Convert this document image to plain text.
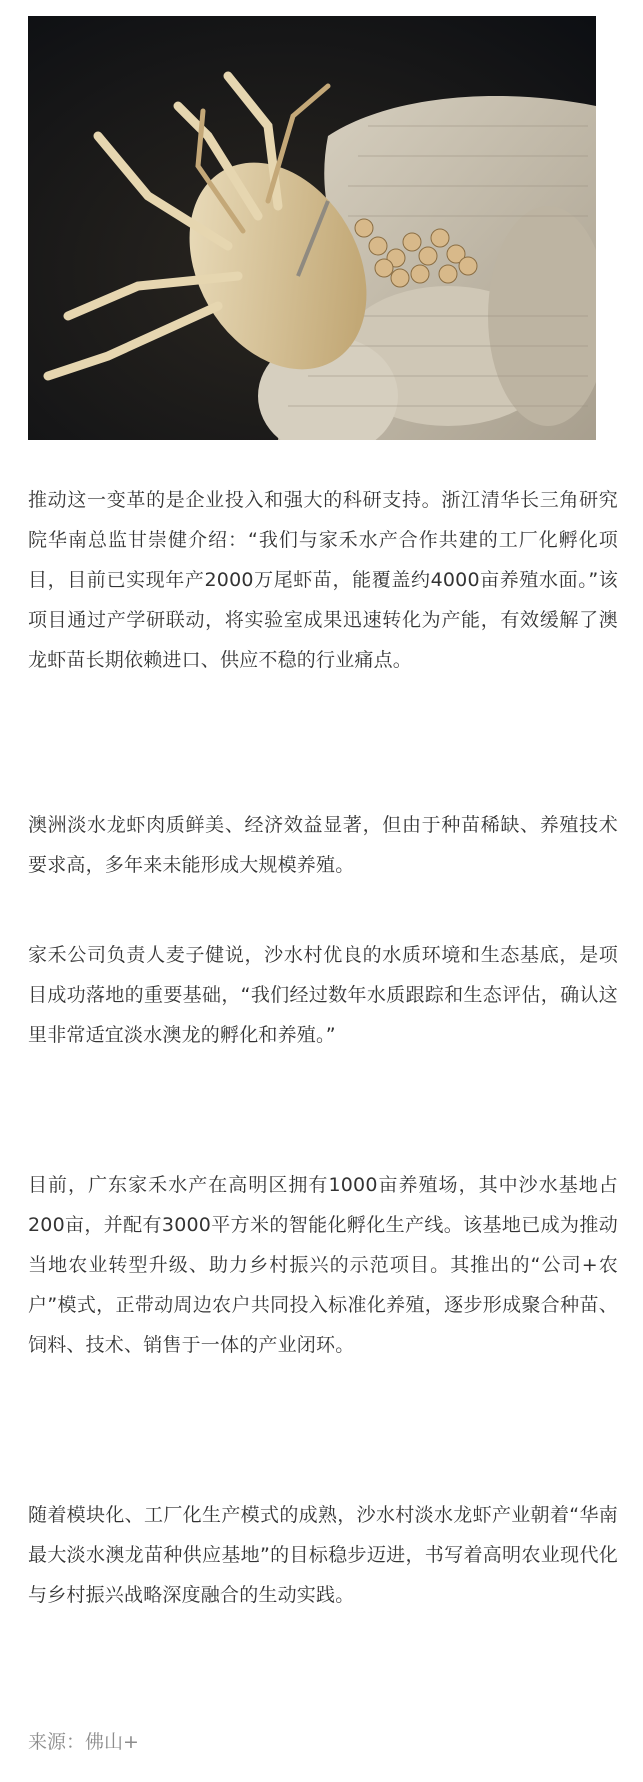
推动这一变革的是企业投入和强大的科研支持。浙江清华长三角研究院华南总监甘崇健介绍：“我们与家禾水产合作共建的工厂化孵化项目，目前已实现年产2000万尾虾苗，能覆盖约4000亩养殖水面。”该项目通过产学研联动，将实验室成果迅速转化为产能，有效缓解了澳龙虾苗长期依赖进口、供应不稳的行业痛点。

澳洲淡水龙虾肉质鲜美、经济效益显著，但由于种苗稀缺、养殖技术要求高，多年来未能形成大规模养殖。

家禾公司负责人麦子健说，沙水村优良的水质环境和生态基底，是项目成功落地的重要基础，“我们经过数年水质跟踪和生态评估，确认这里非常适宜淡水澳龙的孵化和养殖。”

目前，广东家禾水产在高明区拥有1000亩养殖场，其中沙水基地占200亩，并配有3000平方米的智能化孵化生产线。该基地已成为推动当地农业转型升级、助力乡村振兴的示范项目。其推出的“公司+农户”模式，正带动周边农户共同投入标准化养殖，逐步形成聚合种苗、饲料、技术、销售于一体的产业闭环。

随着模块化、工厂化生产模式的成熟，沙水村淡水龙虾产业朝着“华南最大淡水澳龙苗种供应基地”的目标稳步迈进，书写着高明农业现代化与乡村振兴战略深度融合的生动实践。

来源：佛山+
